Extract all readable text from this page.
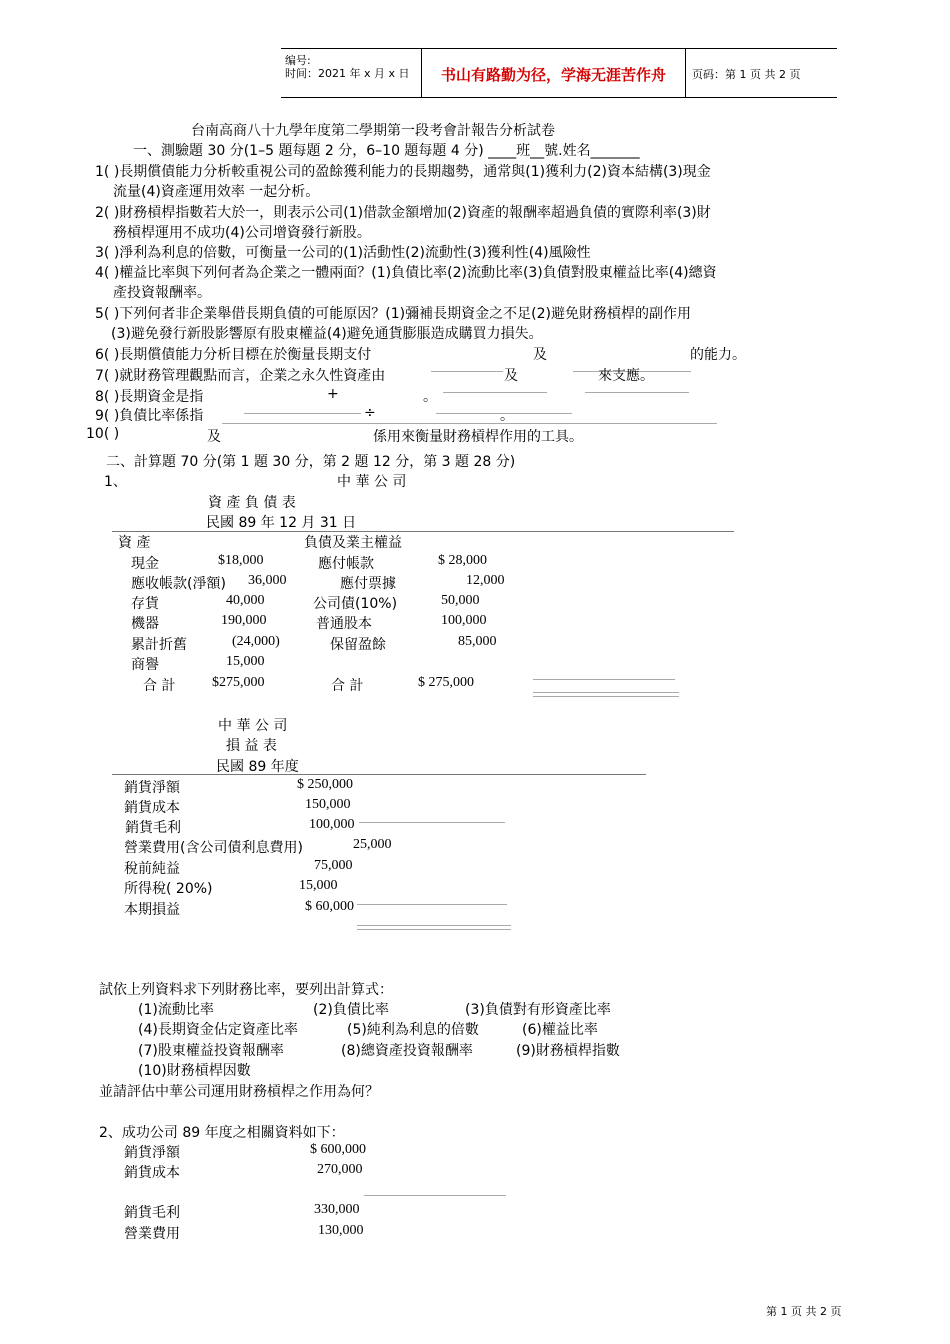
编号:
时间：2021 年 x 月 x 日	书山有路勤为径，学海无涯苦作舟	页码：第 1 页 共 2 页
台南高商八十九學年度第二學期第一段考會計報告分析試卷
一、測驗題 30 分(1–5 題每題 2 分，6–10 題每題 4 分) ____班__號.姓名_______
1( )長期償債能力分析較重視公司的盈餘獲利能力的長期趨勢，通常與(1)獲利力(2)資本結構(3)現金
流量(4)資產運用效率 一起分析。
2( )財務槓桿指數若大於一，則表示公司(1)借款金額增加(2)資產的報酬率超過負債的實際利率(3)財
務槓桿運用不成功(4)公司增資發行新股。
3( )淨利為利息的倍數，可衡量一公司的(1)活動性(2)流動性(3)獲利性(4)風險性
4( )權益比率與下列何者為企業之一體兩面？(1)負債比率(2)流動比率(3)負債對股東權益比率(4)總資
產投資報酬率。
5( )下列何者非企業舉借長期負債的可能原因？(1)彌補長期資金之不足(2)避免財務槓桿的副作用
(3)避免發行新股影響原有股東權益(4)避免通貨膨脹造成購買力損失。
6( )長期償債能力分析目標在於衡量長期支付	及	的能力。
7( )就財務管理觀點而言，企業之永久性資產由	及	來支應。
8( )長期資金是指	+	。
9( )負債比率係指	÷	。
10( )	及	係用來衡量財務槓桿作用的工具。
二、計算題 70 分(第 1 題 30 分，第 2 題 12 分，第 3 題 28 分)
1、	中 華 公 司
資 產 負 債 表
民國 89 年 12 月 31 日
資 產	負債及業主權益
現金	$18,000	應付帳款	$ 28,000
應收帳款(淨額) 36,000	應付票據	12,000
存貨	40,000	公司債(10%)	50,000
機器	190,000	普通股本	100,000
累計折舊	(24,000)	保留盈餘	85,000
商譽	15,000
合 計	$275,000	合 計	$ 275,000
中 華 公 司
損 益 表
民國 89 年度
銷貨淨額	$ 250,000
銷貨成本	150,000
銷貨毛利	100,000
營業費用(含公司債利息費用)	25,000
稅前純益	75,000
所得稅( 20%)	15,000
本期損益	$ 60,000
試依上列資料求下列財務比率，要列出計算式：
(1)流動比率	(2)負債比率	(3)負債對有形資產比率
(4)長期資金佔定資產比率	(5)純利為利息的倍數	(6)權益比率
(7)股東權益投資報酬率	(8)總資產投資報酬率	(9)財務槓桿指數
(10)財務槓桿因數
並請評估中華公司運用財務槓桿之作用為何？
2、成功公司 89 年度之相關資料如下：
銷貨淨額	$ 600,000
銷貨成本	270,000
銷貨毛利	330,000
營業費用	130,000
第 1 页 共 2 页
